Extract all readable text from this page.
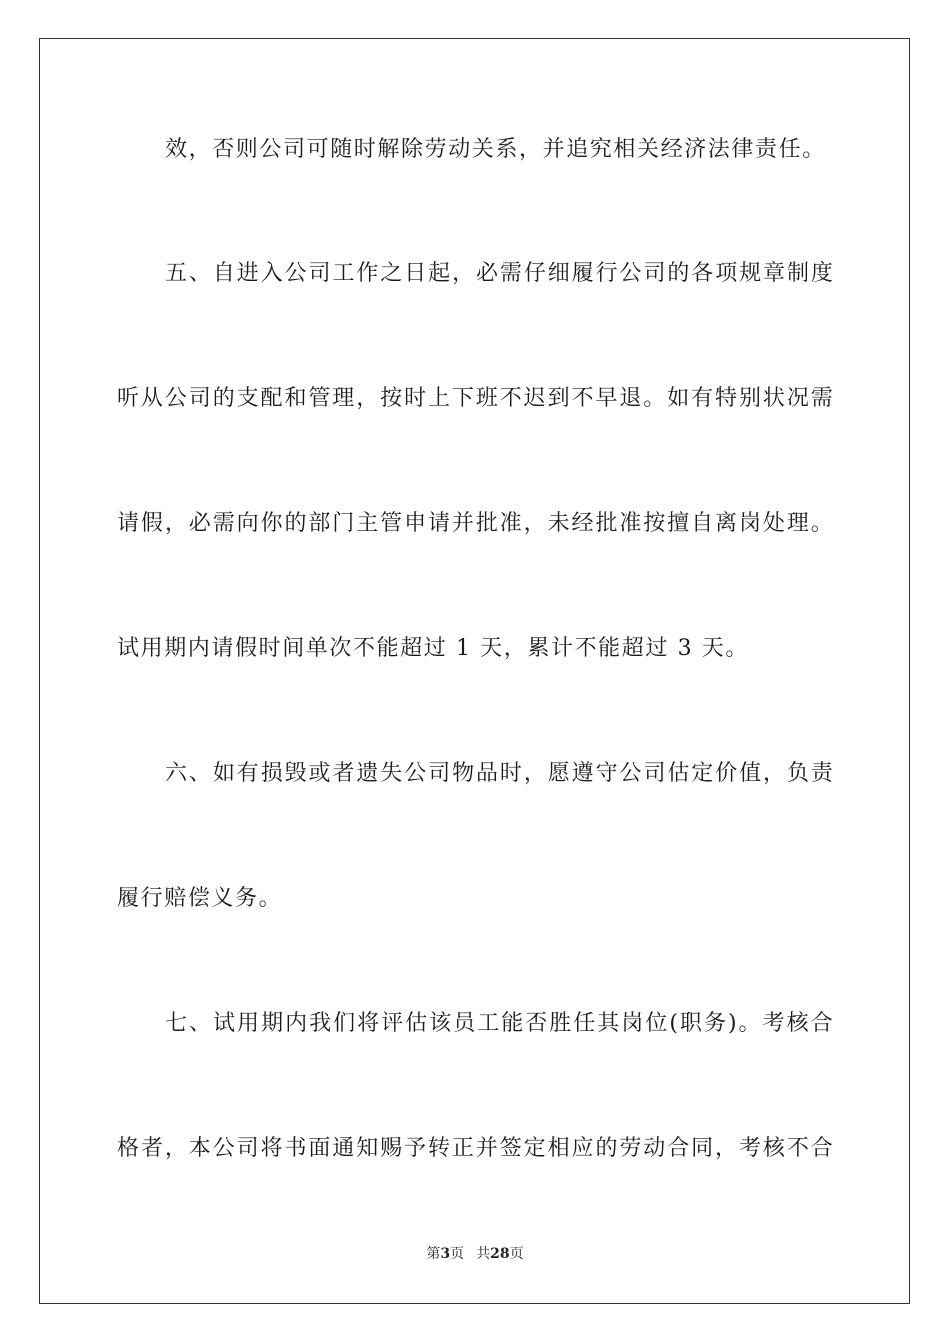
效，否则公司可随时解除劳动关系，并追究相关经济法律责任。
五 、 自 进 入 公 司 工 作 之 日 起 ， 必 需 仔 细 履 行 公 司 的 各 项 规 章 制 度
听 从 公 司 的 支 配 和 管 理 ， 按 时 上 下 班 不 迟 到 不 早 退 。 如 有 特 别 状 况 需
请 假 ， 必 需 向 你 的 部 门 主 管 申 请 并 批 准 ， 未 经 批 准 按 擅 自 离 岗 处 理 。
试用期内请假时间单次不能超过 1 天，累计不能超过 3 天。
六 、 如 有 损 毁 或 者 遗 失 公 司 物 品 时 ， 愿 遵 守 公 司 估 定 价 值 ， 负 责
履行赔偿义务。
七 、 试 用 期 内 我 们 将 评 估 该 员 工 能 否 胜 任 其 岗 位 ( 职 务 ) 。 考 核 合
格 者 ， 本 公 司 将 书 面 通 知 赐 予 转 正 并 签 定 相 应 的 劳 动 合 同 ， 考 核 不 合
第3页 共28页
